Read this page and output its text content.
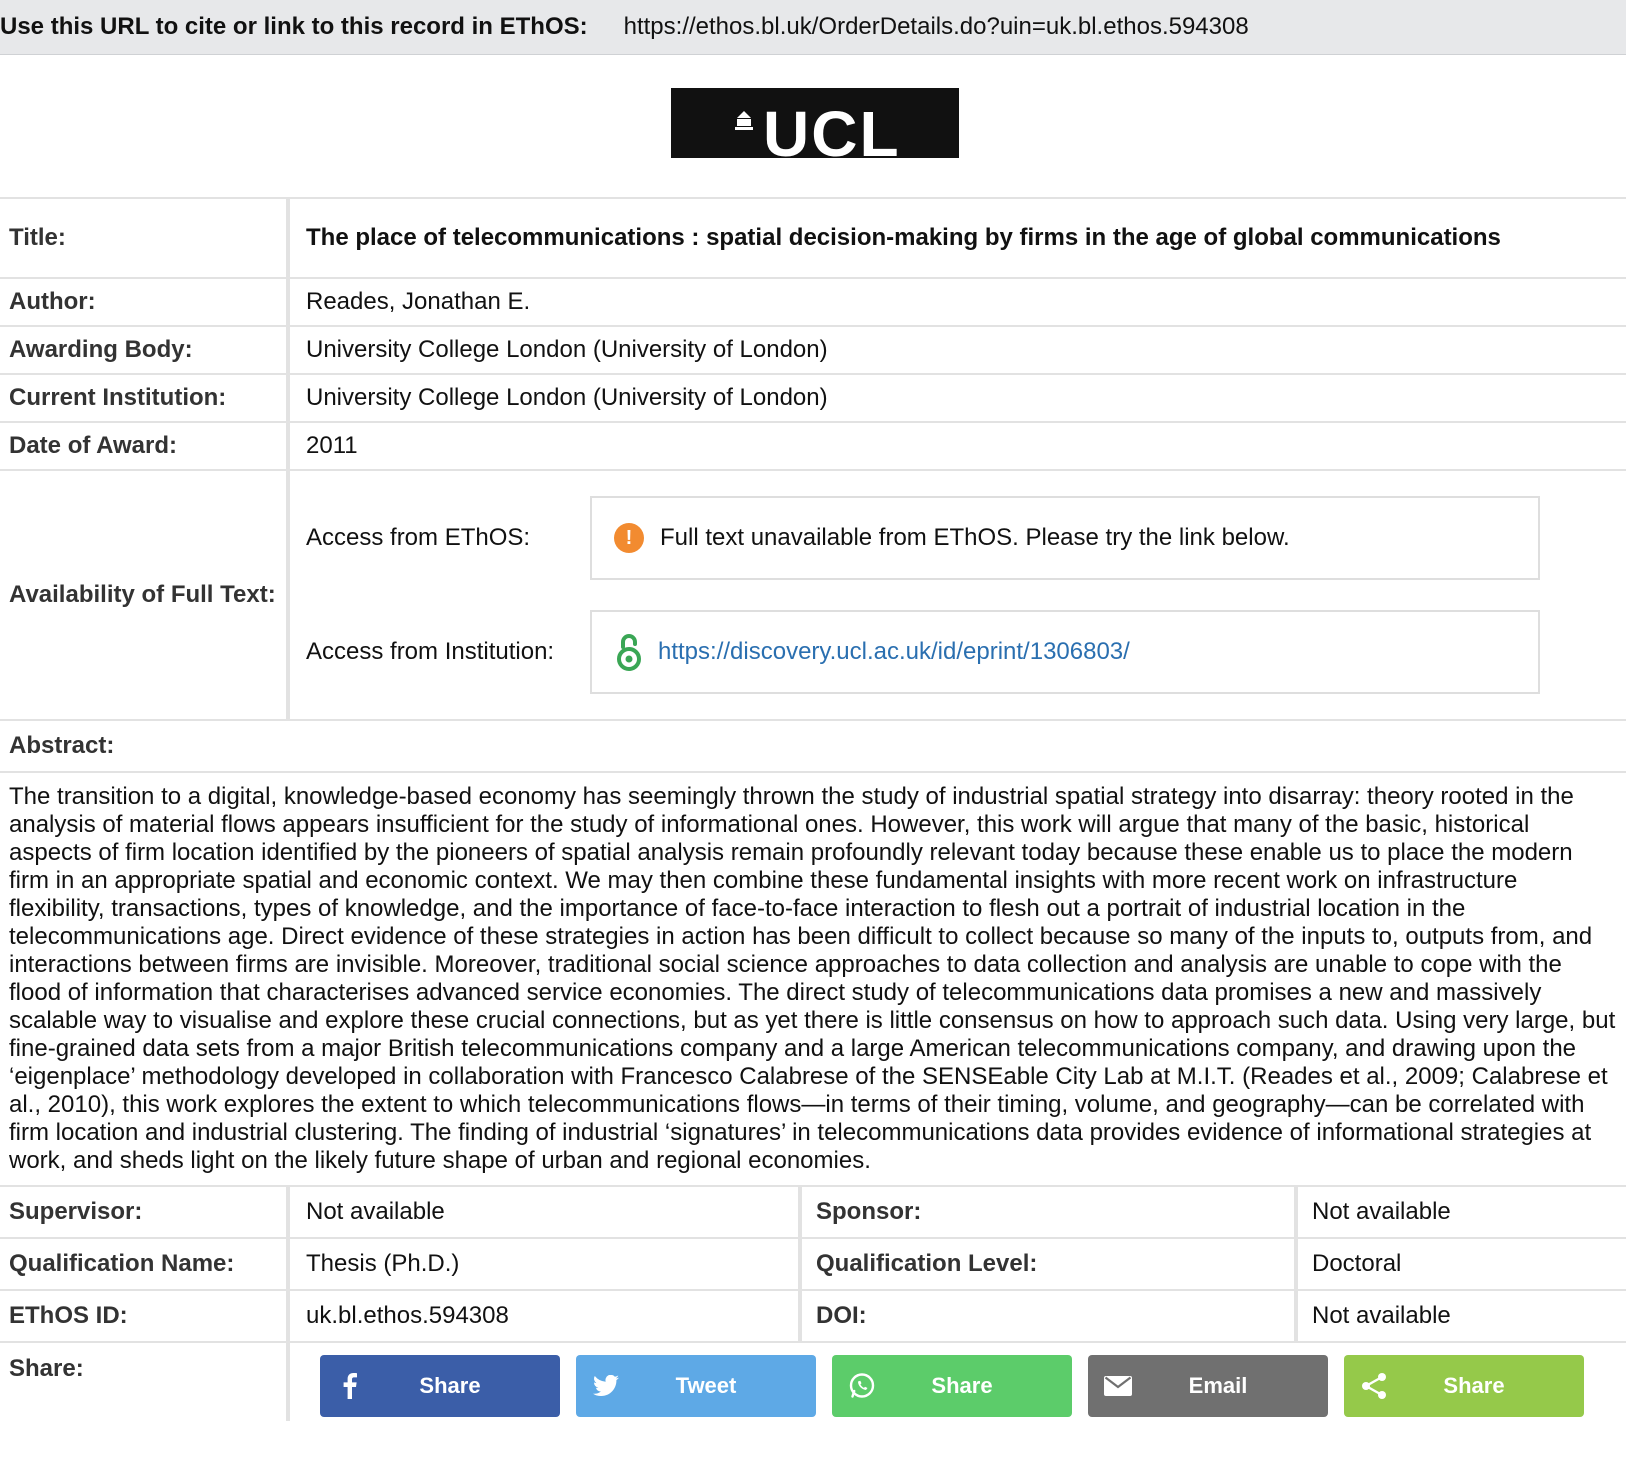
Use this URL to cite or link to this record in EThOS: https://ethos.bl.uk/OrderDetails.do?uin=uk.bl.ethos.594308
UCL
Title:	The place of telecommunications : spatial decision-making by firms in the age of global communications
Author:	Reades, Jonathan E.
Awarding Body:	University College London (University of London)
Current Institution:	University College London (University of London)
Date of Award:	2011
Availability of Full Text:	Access from EThOS: ! Full text unavailable from EThOS. Please try the link below.
Access from Institution: https://discovery.ucl.ac.uk/id/eprint/1306803/
Abstract:
The transition to a digital, knowledge-based economy has seemingly thrown the study of industrial spatial strategy into disarray: theory rooted in the analysis of material flows appears insufficient for the study of informational ones. However, this work will argue that many of the basic, historical aspects of firm location identified by the pioneers of spatial analysis remain profoundly relevant today because these enable us to place the modern firm in an appropriate spatial and economic context. We may then combine these fundamental insights with more recent work on infrastructure flexibility, transactions, types of knowledge, and the importance of face-to-face interaction to flesh out a portrait of industrial location in the telecommunications age. Direct evidence of these strategies in action has been difficult to collect because so many of the inputs to, outputs from, and interactions between firms are invisible. Moreover, traditional social science approaches to data collection and analysis are unable to cope with the flood of information that characterises advanced service economies. The direct study of telecommunications data promises a new and massively scalable way to visualise and explore these crucial connections, but as yet there is little consensus on how to approach such data. Using very large, but fine-grained data sets from a major British telecommunications company and a large American telecommunications company, and drawing upon the ‘eigenplace’ methodology developed in collaboration with Francesco Calabrese of the SENSEable City Lab at M.I.T. (Reades et al., 2009; Calabrese et al., 2010), this work explores the extent to which telecommunications flows—in terms of their timing, volume, and geography—can be correlated with firm location and industrial clustering. The finding of industrial ‘signatures’ in telecommunications data provides evidence of informational strategies at work, and sheds light on the likely future shape of urban and regional economies.
Supervisor:	Not available	Sponsor:	Not available
Qualification Name:	Thesis (Ph.D.)	Qualification Level:	Doctoral
EThOS ID:	uk.bl.ethos.594308	DOI:	Not available
Share:
Share	Tweet	Share	Email	Share
